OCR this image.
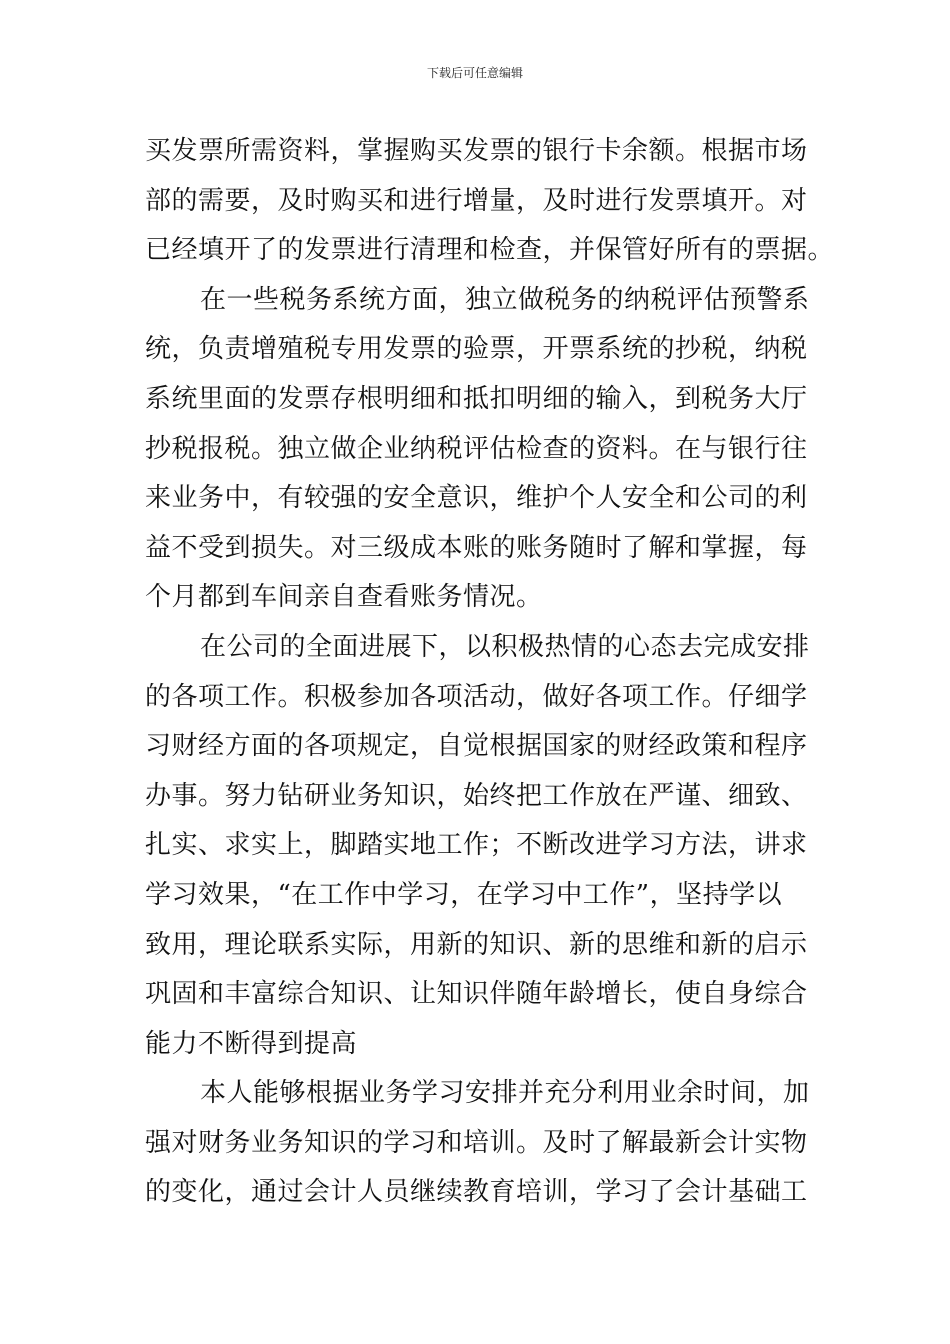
下载后可任意编辑
买发票所需资料，掌握购买发票的银行卡余额。根据市场
部的需要，及时购买和进行增量，及时进行发票填开。对
已经填开了的发票进行清理和检查，并保管好所有的票据。
在一些税务系统方面，独立做税务的纳税评估预警系
统，负责增殖税专用发票的验票，开票系统的抄税，纳税
系统里面的发票存根明细和抵扣明细的输入，到税务大厅
抄税报税。独立做企业纳税评估检查的资料。在与银行往
来业务中，有较强的安全意识，维护个人安全和公司的利
益不受到损失。对三级成本账的账务随时了解和掌握，每
个月都到车间亲自查看账务情况。
在公司的全面进展下，以积极热情的心态去完成安排
的各项工作。积极参加各项活动，做好各项工作。仔细学
习财经方面的各项规定，自觉根据国家的财经政策和程序
办事。努力钻研业务知识，始终把工作放在严谨、细致、
扎实、求实上，脚踏实地工作；不断改进学习方法，讲求
学习效果，“在工作中学习，在学习中工作”，坚持学以
致用，理论联系实际，用新的知识、新的思维和新的启示
巩固和丰富综合知识、让知识伴随年龄增长，使自身综合
能力不断得到提高
本人能够根据业务学习安排并充分利用业余时间，加
强对财务业务知识的学习和培训。及时了解最新会计实物
的变化，通过会计人员继续教育培训，学习了会计基础工
